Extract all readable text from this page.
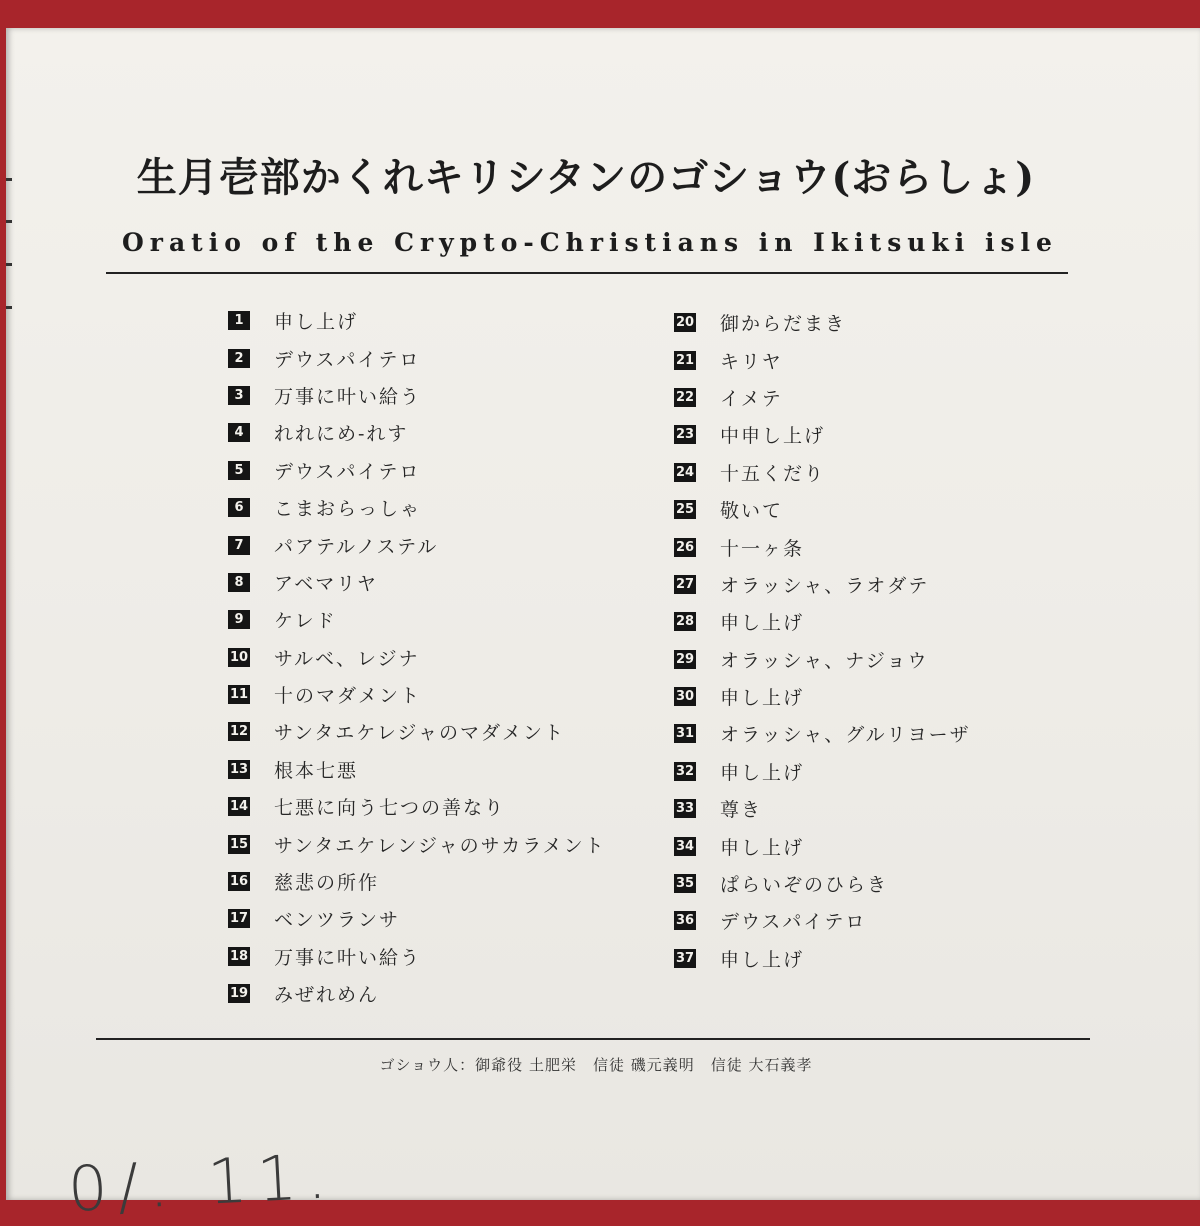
生月壱部かくれキリシタンのゴショウ(おらしょ)
Oratio of the Crypto-Christians in Ikitsuki isle
1	申し上げ
2	デウスパイテロ
3	万事に叶い給う
4	れれにめ-れす
5	デウスパイテロ
6	こまおらっしゃ
7	パアテルノステル
8	アベマリヤ
9	ケレド
10 サルベ、レジナ
11 十のマダメント
12 サンタエケレジャのマダメント
13 根本七悪
14 七悪に向う七つの善なり
15 サンタエケレンジャのサカラメント
16 慈悲の所作
17 ベンツランサ
18 万事に叶い給う
19 みぜれめん
20 御からだまき
21 キリヤ
22 イメテ
23 中申し上げ
24 十五くだり
25 敬いて
26 十一ヶ条
27 オラッシャ、ラオダテ
28 申し上げ
29 オラッシャ、ナジョウ
30 申し上げ
31 オラッシャ、グルリヨーザ
32 申し上げ
33 尊き
34 申し上げ
35 ぱらいぞのひらき
36 デウスパイテロ
37 申し上げ
ゴショウ人：御爺役 土肥栄　信徒 磯元義明　信徒 大石義孝
0/. 11.
